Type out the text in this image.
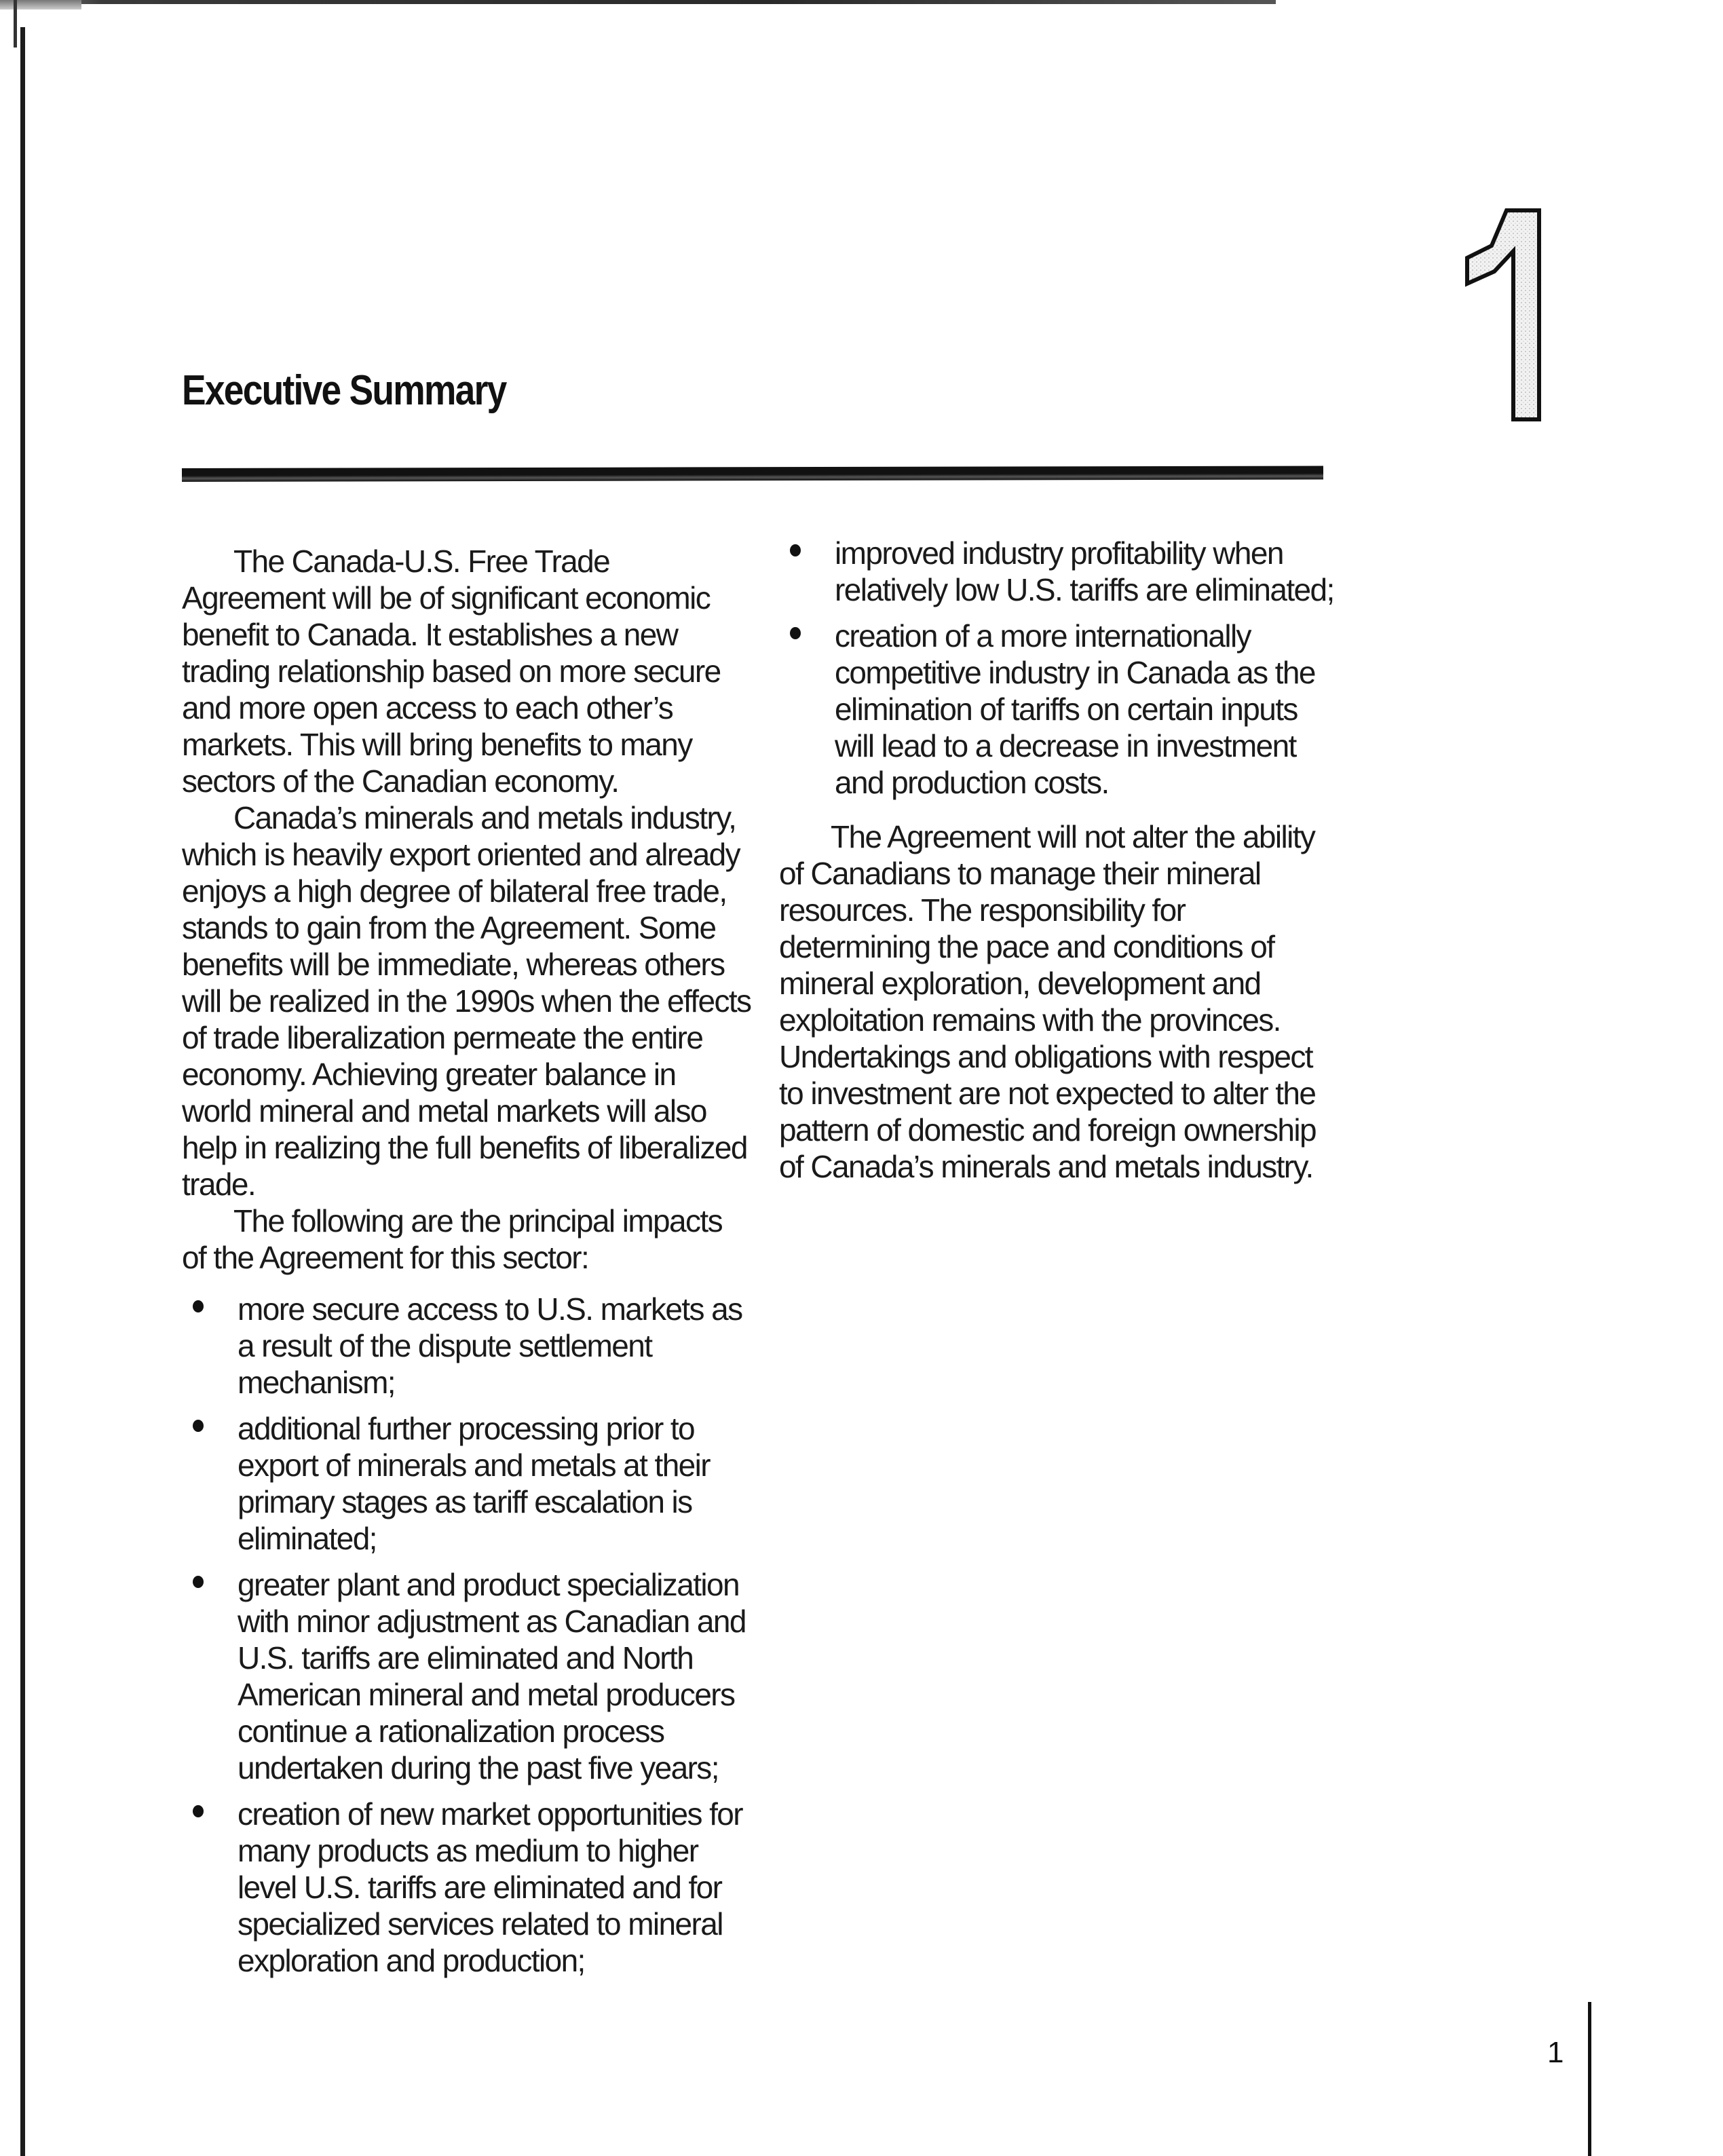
1
Executive Summary

The Canada-U.S. Free Trade Agreement will be of significant economic benefit to Canada. It establishes a new trading relationship based on more secure and more open access to each other’s markets. This will bring benefits to many sectors of the Canadian economy.

Canada’s minerals and metals industry, which is heavily export oriented and already enjoys a high degree of bilateral free trade, stands to gain from the Agreement. Some benefits will be immediate, whereas others will be realized in the 1990s when the effects of trade liberalization permeate the entire economy. Achieving greater balance in world mineral and metal markets will also help in realizing the full benefits of liberalized trade.

The following are the principal impacts of the Agreement for this sector:

more secure access to U.S. markets as a result of the dispute settlement mechanism;
additional further processing prior to export of minerals and metals at their primary stages as tariff escalation is eliminated;
greater plant and product specialization with minor adjustment as Canadian and U.S. tariffs are eliminated and North American mineral and metal producers continue a rationalization process undertaken during the past five years;
creation of new market opportunities for many products as medium to higher level U.S. tariffs are eliminated and for specialized services related to mineral exploration and production;
improved industry profitability when relatively low U.S. tariffs are eliminated;
creation of a more internationally competitive industry in Canada as the elimination of tariffs on certain inputs will lead to a decrease in investment and production costs.

The Agreement will not alter the ability of Canadians to manage their mineral resources. The responsibility for determining the pace and conditions of mineral exploration, development and exploitation remains with the provinces. Undertakings and obligations with respect to investment are not expected to alter the pattern of domestic and foreign ownership of Canada’s minerals and metals industry.

1
